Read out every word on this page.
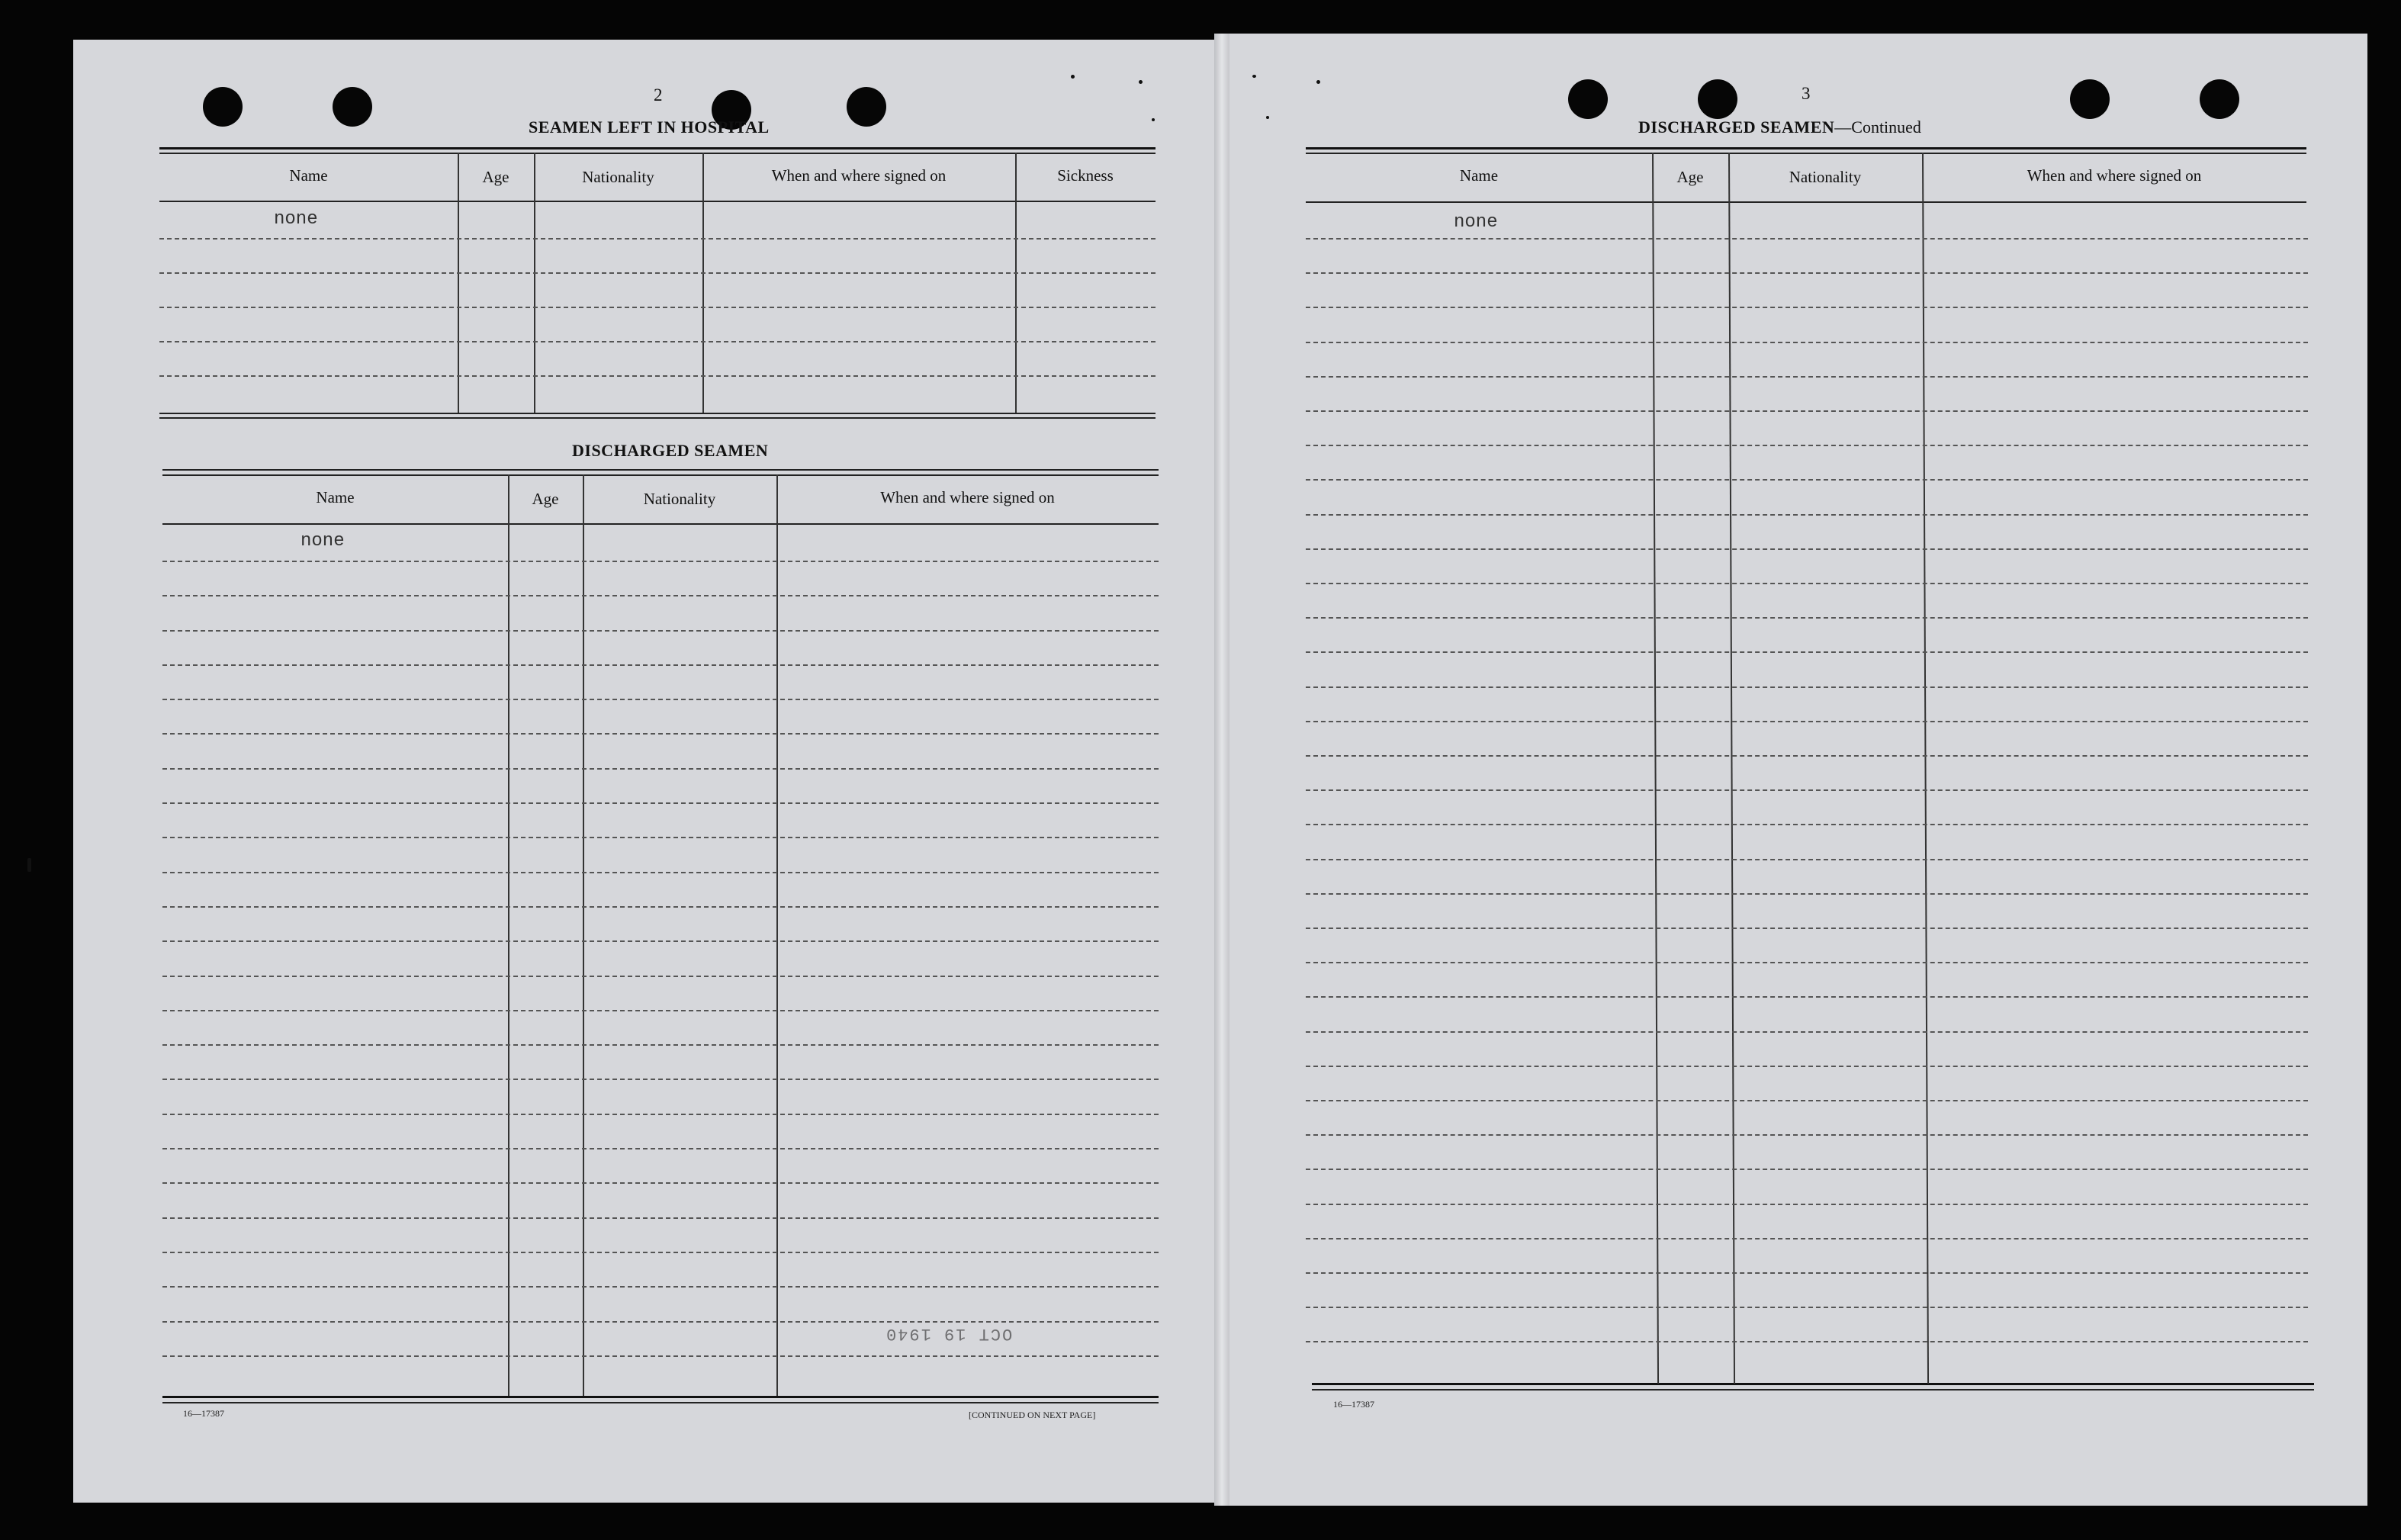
2
SEAMEN LEFT IN HOSPITAL
Name	Age	Nationality	When and where signed on	Sickness
none
DISCHARGED SEAMEN
Name	Age	Nationality	When and where signed on
none
OCT 19 1940
16—17387	[CONTINUED ON NEXT PAGE]
3
DISCHARGED SEAMEN—Continued
Name	Age	Nationality	When and where signed on
none
16—17387
